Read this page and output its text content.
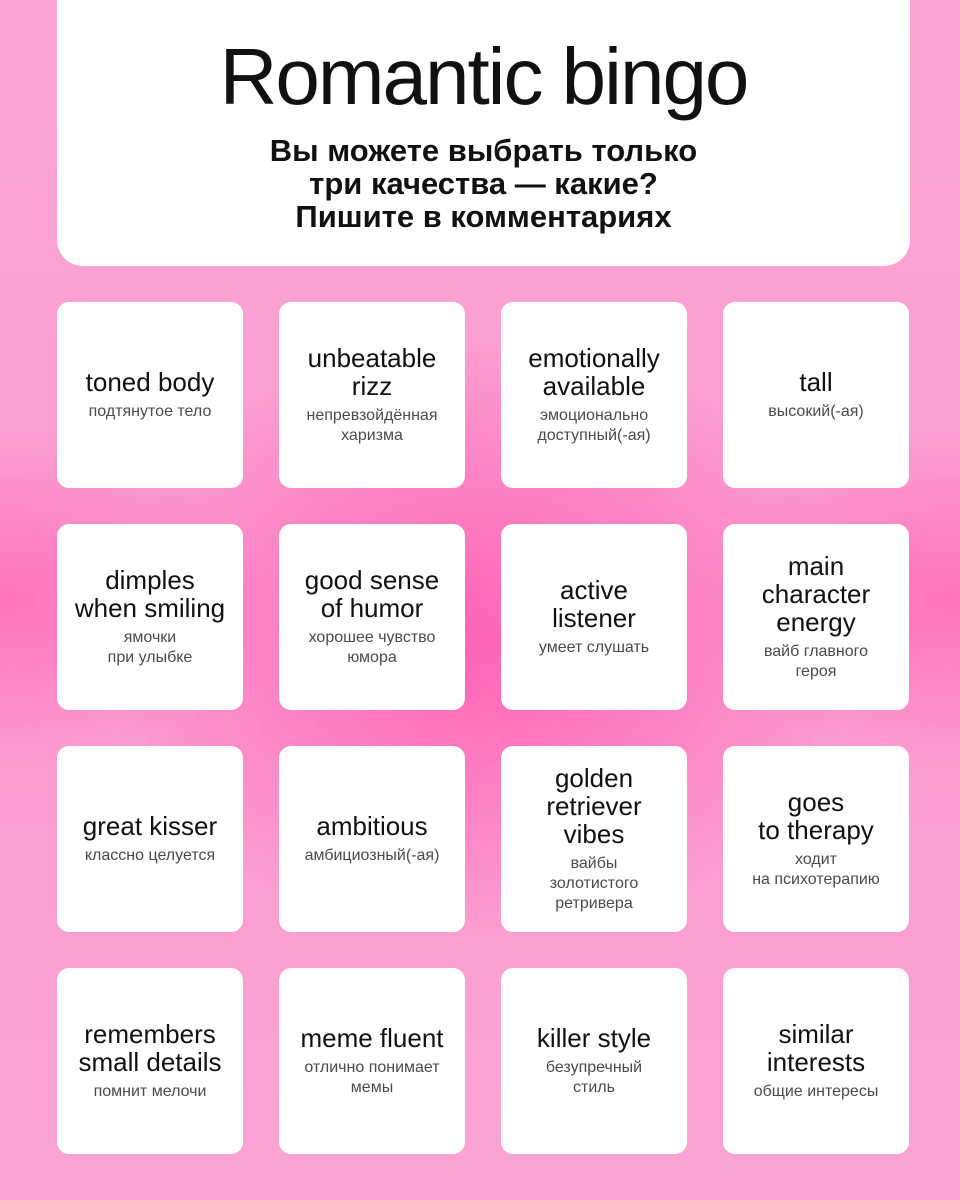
Romantic bingo
Вы можете выбрать только
три качества — какие?
Пишите в комментариях
toned body
подтянутое тело
unbeatable
rizz
непревзойдённая
харизма
emotionally
available
эмоционально
доступный(-ая)
tall
высокий(-ая)
dimples
when smiling
ямочки
при улыбке
good sense
of humor
хорошее чувство
юмора
active
listener
умеет слушать
main
character
energy
вайб главного
героя
great kisser
классно целуется
ambitious
амбициозный(-ая)
golden
retriever
vibes
вайбы
золотистого
ретривера
goes
to therapy
ходит
на психотерапию
remembers
small details
помнит мелочи
meme fluent
отлично понимает
мемы
killer style
безупречный
стиль
similar
interests
общие интересы
